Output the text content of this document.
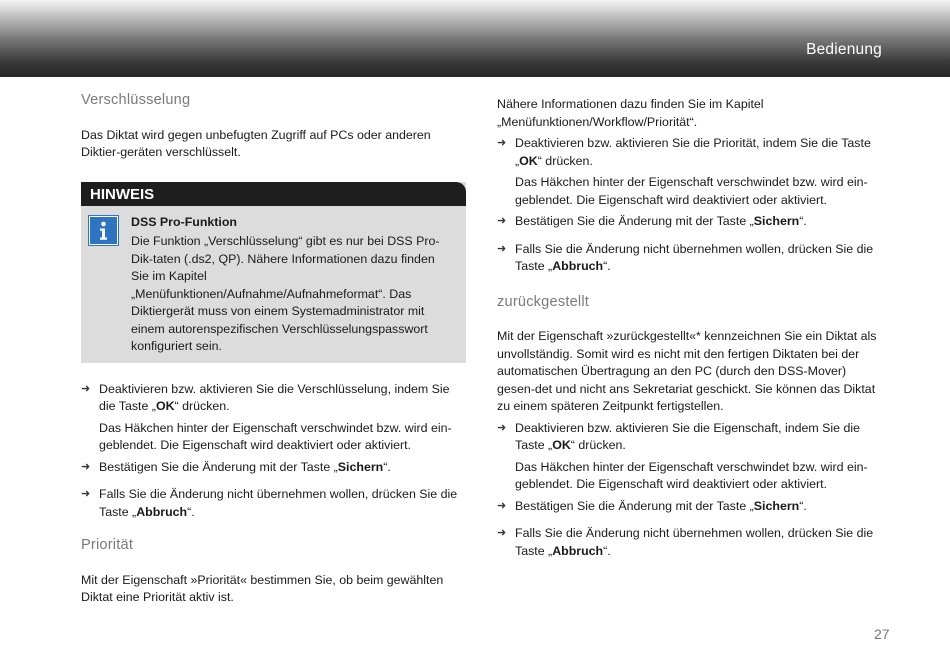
Bedienung
Verschlüsselung

Das Diktat wird gegen unbefugten Zugriff auf PCs oder anderen Diktier-geräten verschlüsselt.

HINWEIS
DSS Pro-Funktion
Die Funktion „Verschlüsselung“ gibt es nur bei DSS Pro-Dik-taten (.ds2, QP). Nähere Informationen dazu finden Sie im Kapitel „Menüfunktionen/Aufnahme/Aufnahmeformat“. Das Diktiergerät muss von einem Systemadministrator mit einem autorenspezifischen Verschlüsselungspasswort konfiguriert sein.
➜ Deaktivieren bzw. aktivieren Sie die Verschlüsselung, indem Sie die Taste „OK“ drücken.

Das Häkchen hinter der Eigenschaft verschwindet bzw. wird ein-geblendet. Die Eigenschaft wird deaktiviert oder aktiviert.

➜ Bestätigen Sie die Änderung mit der Taste „Sichern“.
➜ Falls Sie die Änderung nicht übernehmen wollen, drücken Sie die Taste „Abbruch“.
Priorität

Mit der Eigenschaft »Priorität« bestimmen Sie, ob beim gewählten Diktat eine Priorität aktiv ist.

Nähere Informationen dazu finden Sie im Kapitel „Menüfunktionen/Workflow/Priorität“.

➜ Deaktivieren bzw. aktivieren Sie die Priorität, indem Sie die Taste „OK“ drücken.

Das Häkchen hinter der Eigenschaft verschwindet bzw. wird ein-geblendet. Die Eigenschaft wird deaktiviert oder aktiviert.

➜ Bestätigen Sie die Änderung mit der Taste „Sichern“.
➜ Falls Sie die Änderung nicht übernehmen wollen, drücken Sie die Taste „Abbruch“.
zurückgestellt

Mit der Eigenschaft »zurückgestellt«* kennzeichnen Sie ein Diktat als unvollständig. Somit wird es nicht mit den fertigen Diktaten bei der automatischen Übertragung an den PC (durch den DSS-Mover) gesen-det und nicht ans Sekretariat geschickt. Sie können das Diktat zu einem späteren Zeitpunkt fertigstellen.

➜ Deaktivieren bzw. aktivieren Sie die Eigenschaft, indem Sie die Taste „OK“ drücken.

Das Häkchen hinter der Eigenschaft verschwindet bzw. wird ein-geblendet. Die Eigenschaft wird deaktiviert oder aktiviert.

➜ Bestätigen Sie die Änderung mit der Taste „Sichern“.
➜ Falls Sie die Änderung nicht übernehmen wollen, drücken Sie die Taste „Abbruch“.
27
